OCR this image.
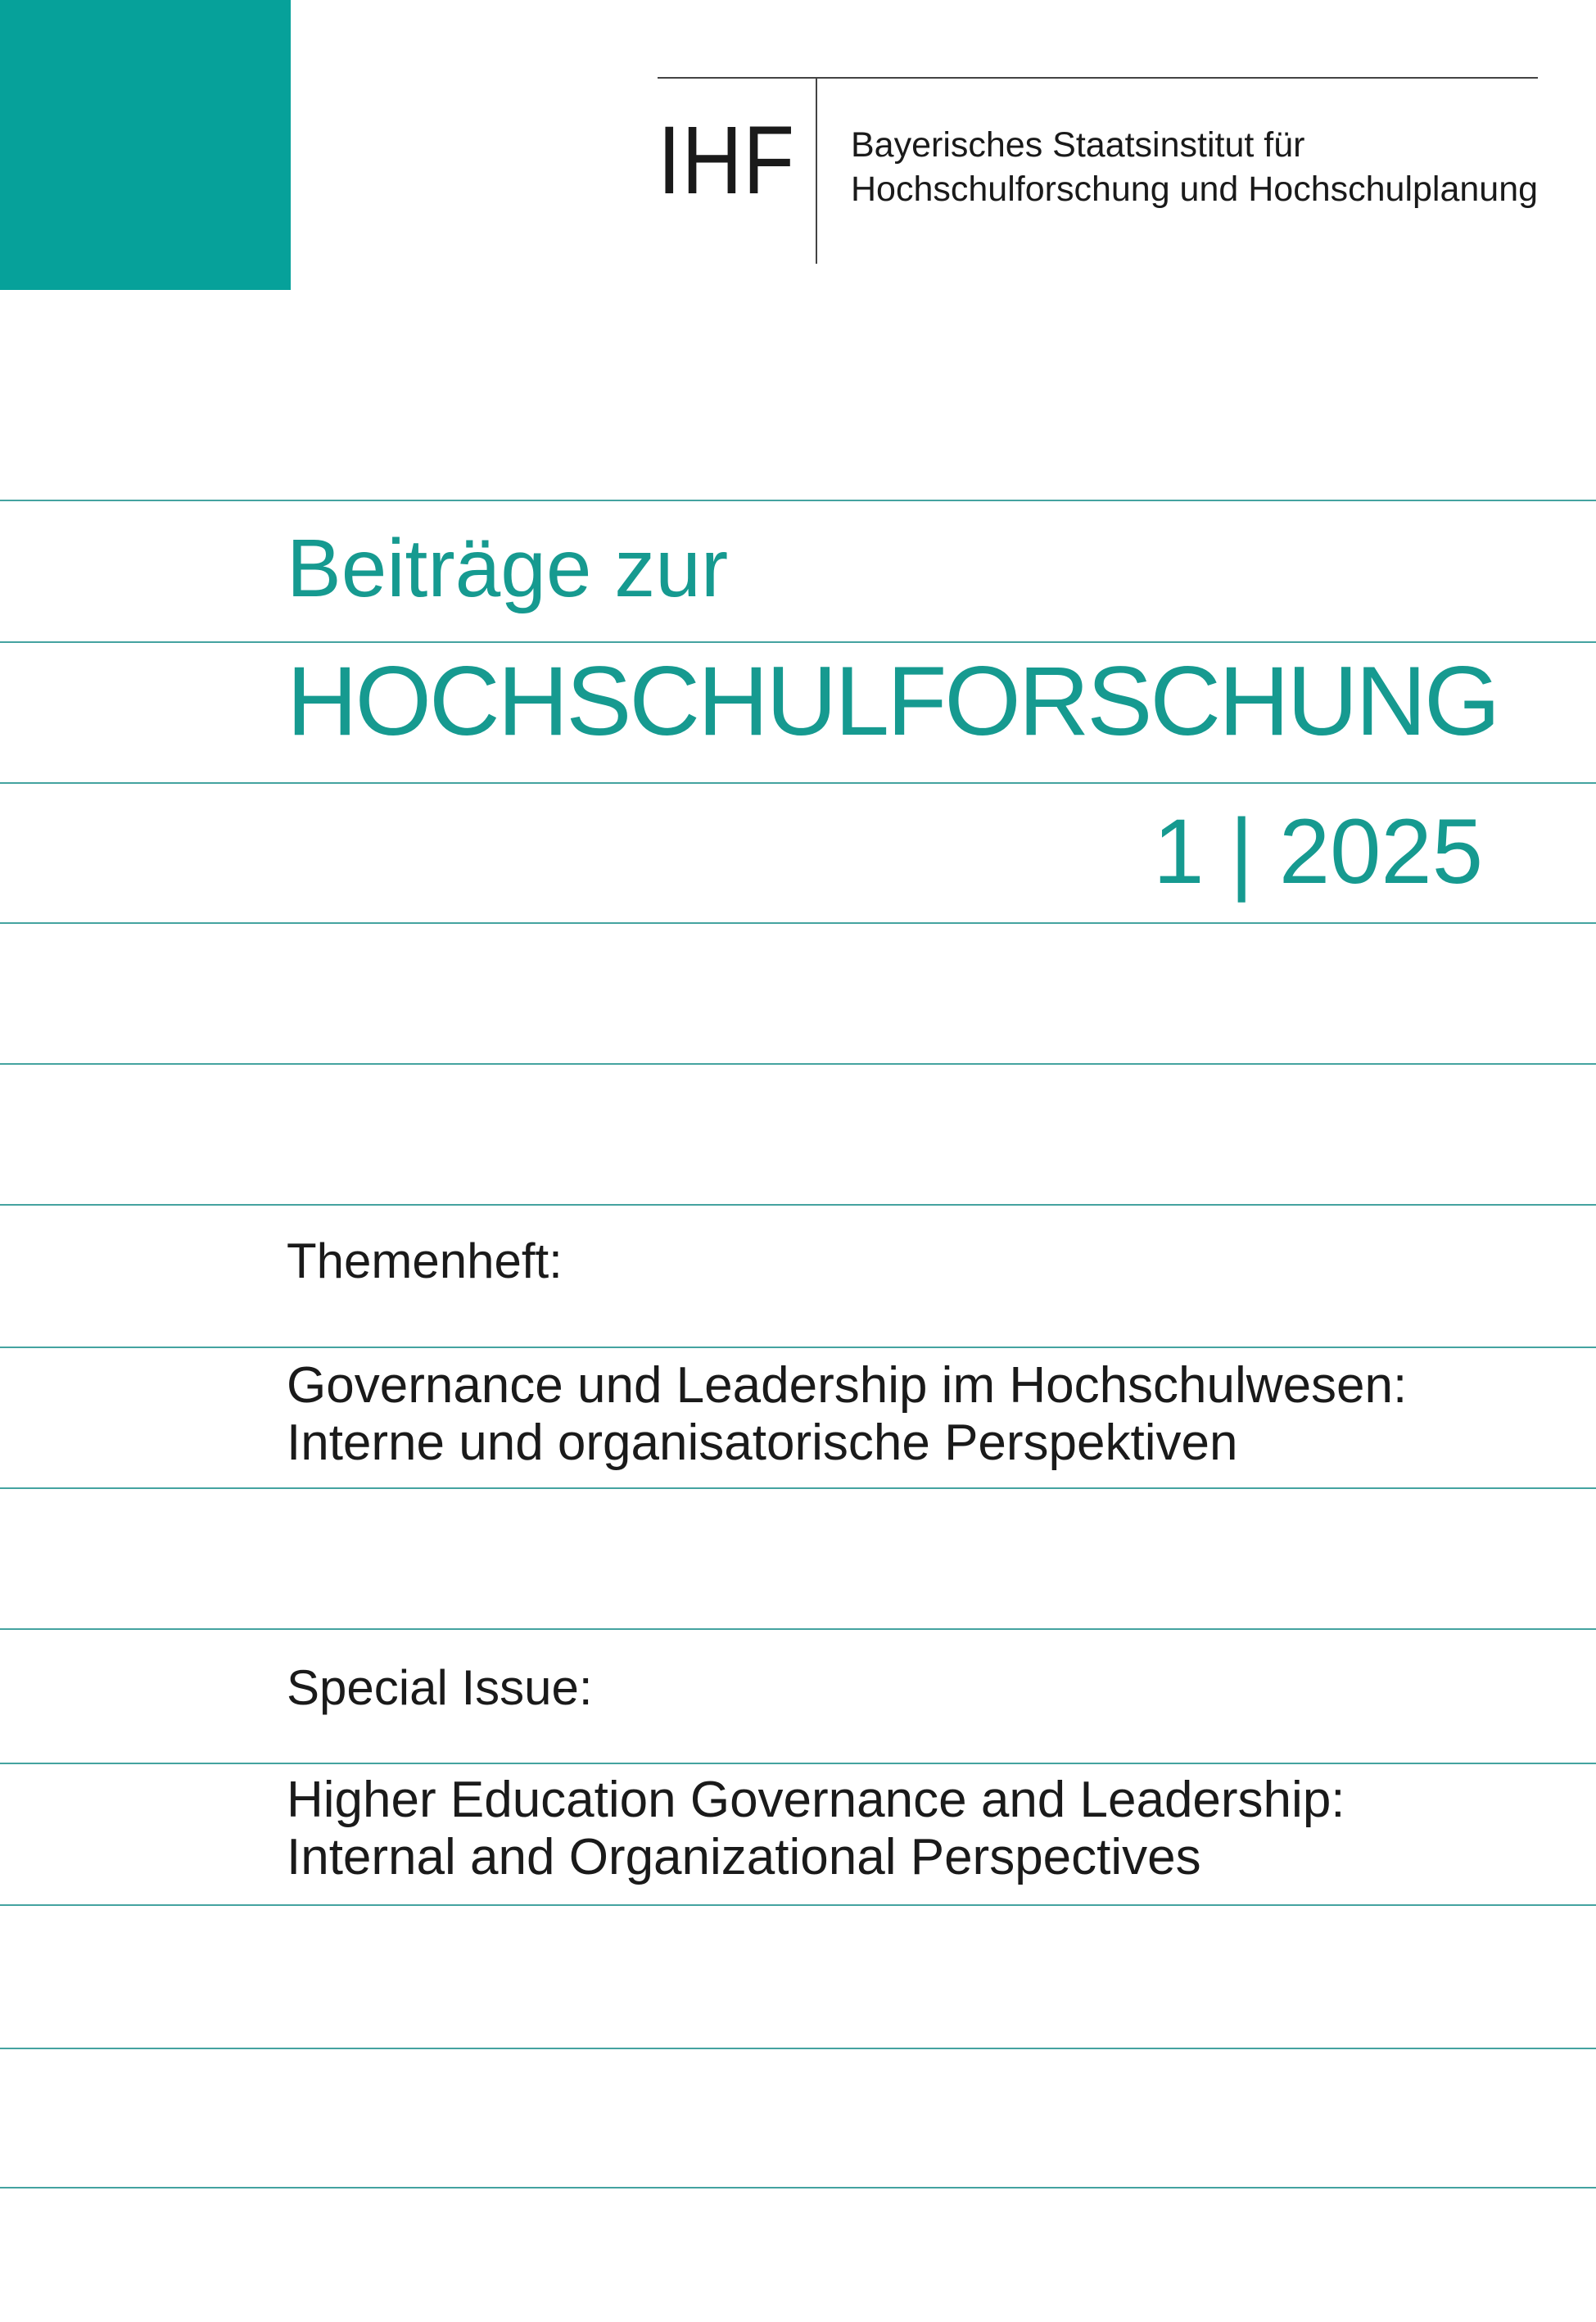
IHF Bayerisches Staatsinstitut für
Hochschulforschung und Hochschulplanung
Beiträge zur
HOCHSCHULFORSCHUNG
1 | 2025
Themenheft:
Governance und Leadership im Hochschulwesen:
Interne und organisatorische Perspektiven
Special Issue:
Higher Education Governance and Leadership:
Internal and Organizational Perspectives
